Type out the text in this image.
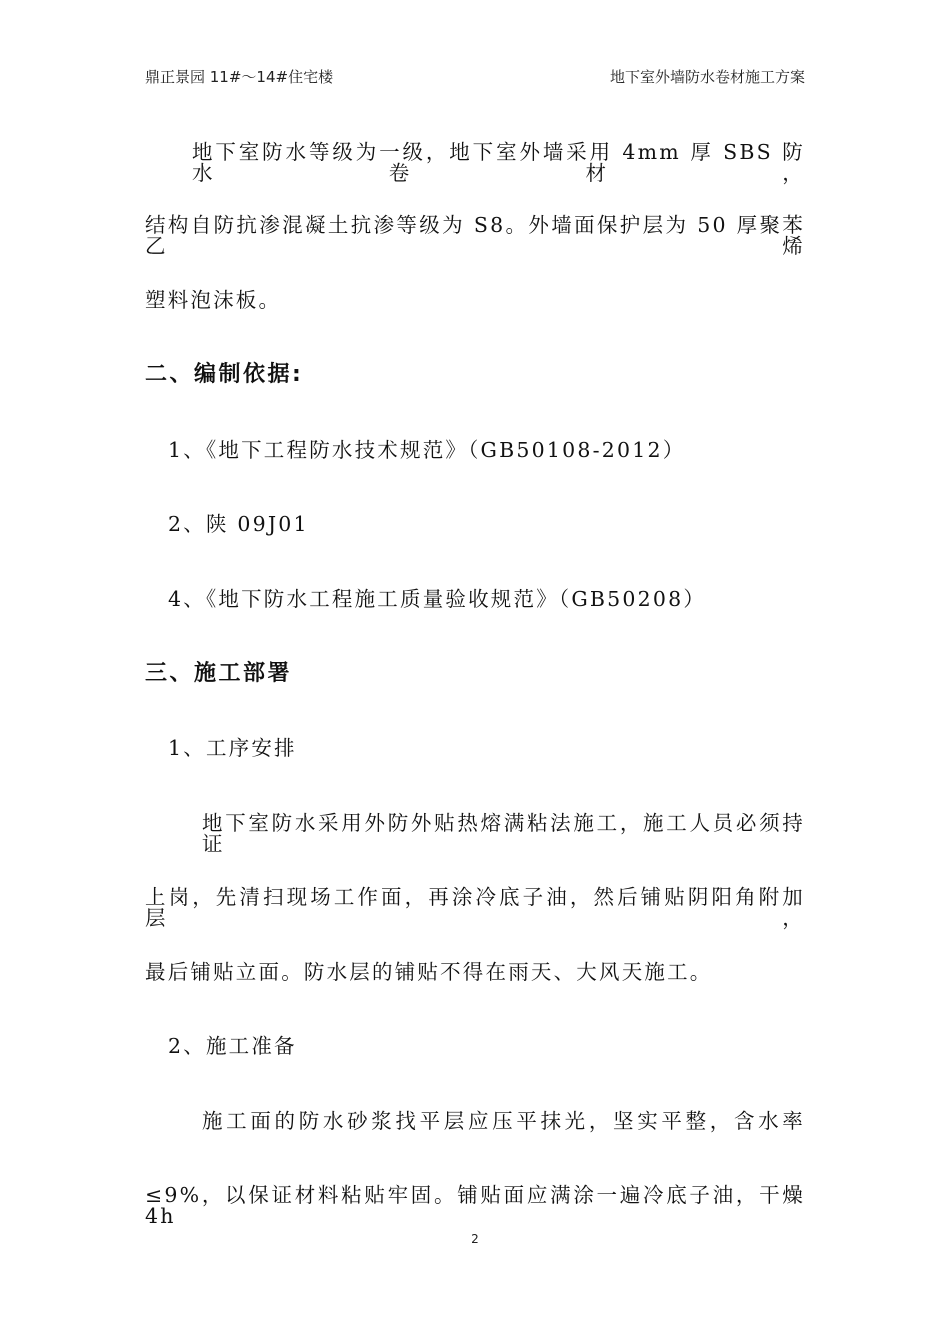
鼎正景园 11#～14#住宅楼	地下室外墙防水卷材施工方案
地下室防水等级为一级，地下室外墙采用 4mm 厚 SBS 防水卷材，
结构自防抗渗混凝土抗渗等级为 S8。外墙面保护层为 50 厚聚苯乙烯
塑料泡沫板。
二、编制依据:
1、《地下工程防水技术规范》（GB50108-2012）
2、陕 09J01
4、《地下防水工程施工质量验收规范》（GB50208）
三、施工部署
1、工序安排
地下室防水采用外防外贴热熔满粘法施工，施工人员必须持证
上岗，先清扫现场工作面，再涂冷底子油，然后铺贴阴阳角附加层，
最后铺贴立面。防水层的铺贴不得在雨天、大风天施工。
2、施工准备
施工面的防水砂浆找平层应压平抹光，坚实平整，含水率
≤9%，以保证材料粘贴牢固。铺贴面应满涂一遍冷底子油，干燥 4h
2
